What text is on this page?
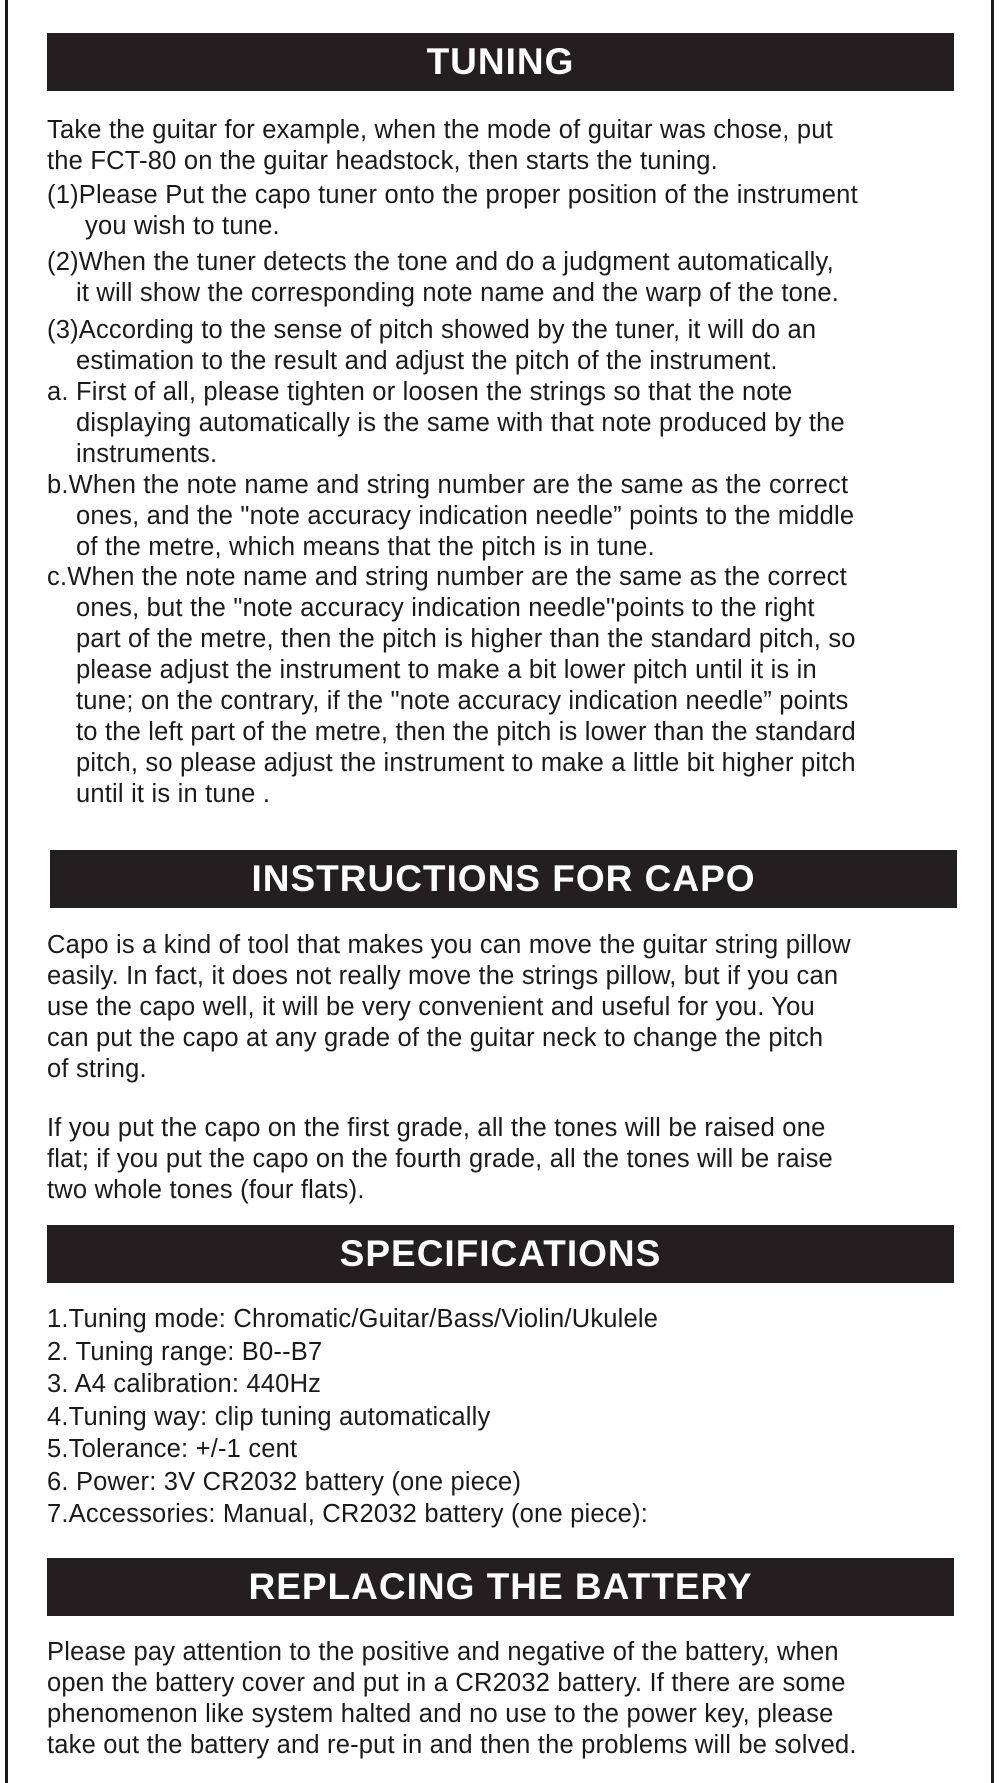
TUNING
Take the guitar for example, when the mode of guitar was chose, put
the FCT-80 on the guitar headstock, then starts the tuning.
(1)Please Put the capo tuner onto the proper position of the instrument
you wish to tune.
(2)When the tuner detects the tone and do a judgment automatically,
it will show the corresponding note name and the warp of the tone.
(3)According to the sense of pitch showed by the tuner, it will do an
estimation to the result and adjust the pitch of the instrument.
a. First of all, please tighten or loosen the strings so that the note
displaying automatically is the same with that note produced by the
instruments.
b.When the note name and string number are the same as the correct
ones, and the "note accuracy indication needle” points to the middle
of the metre, which means that the pitch is in tune.
c.When the note name and string number are the same as the correct
ones, but the "note accuracy indication needle"points to the right
part of the metre, then the pitch is higher than the standard pitch, so
please adjust the instrument to make a bit lower pitch until it is in
tune; on the contrary, if the "note accuracy indication needle” points
to the left part of the metre, then the pitch is lower than the standard
pitch, so please adjust the instrument to make a little bit higher pitch
until it is in tune .
INSTRUCTIONS FOR CAPO
Capo is a kind of tool that makes you can move the guitar string pillow
easily. In fact, it does not really move the strings pillow, but if you can
use the capo well, it will be very convenient and useful for you. You
can put the capo at any grade of the guitar neck to change the pitch
of string.
If you put the capo on the first grade, all the tones will be raised one
flat; if you put the capo on the fourth grade, all the tones will be raise
two whole tones (four flats).
SPECIFICATIONS
1.Tuning mode: Chromatic/Guitar/Bass/Violin/Ukulele
2. Tuning range: B0--B7
3. A4 calibration: 440Hz
4.Tuning way: clip tuning automatically
5.Tolerance: +/-1 cent
6. Power: 3V CR2032 battery (one piece)
7.Accessories: Manual, CR2032 battery (one piece):
REPLACING THE BATTERY
Please pay attention to the positive and negative of the battery, when
open the battery cover and put in a CR2032 battery. If there are some
phenomenon like system halted and no use to the power key, please
take out the battery and re-put in and then the problems will be solved.
